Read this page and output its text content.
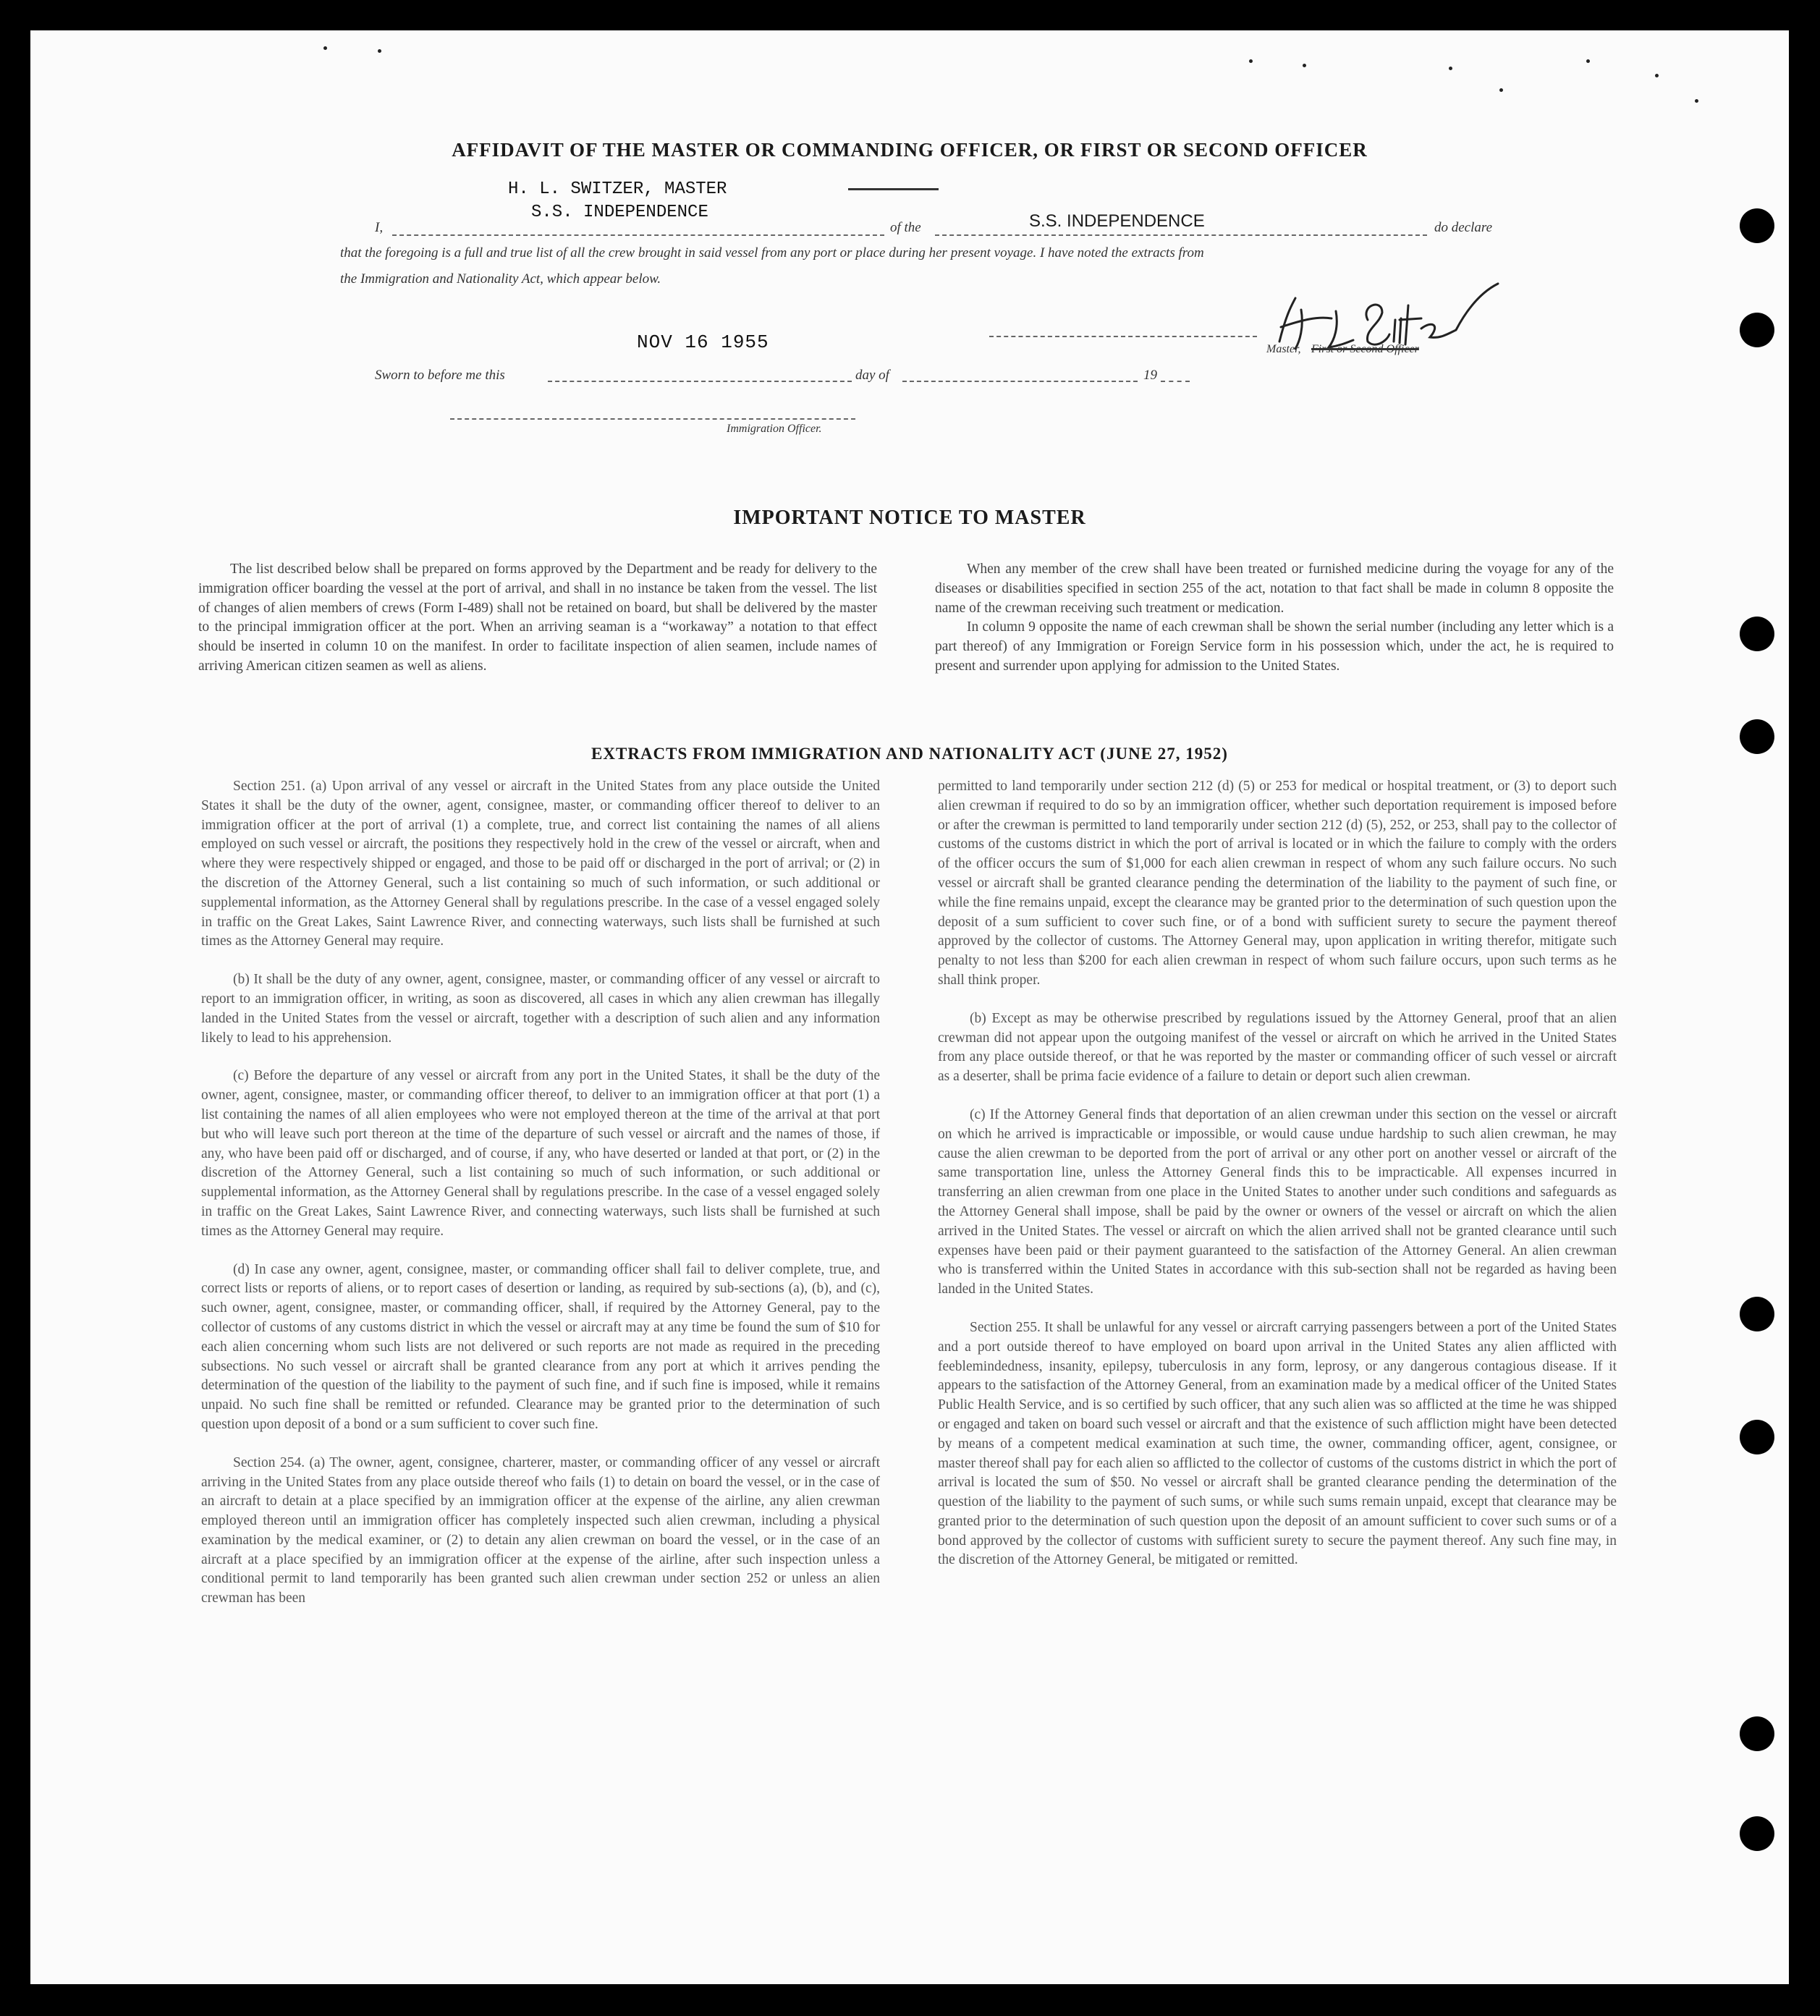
AFFIDAVIT OF THE MASTER OR COMMANDING OFFICER, OR FIRST OR SECOND OFFICER
H. L. SWITZER, MASTER
S.S. INDEPENDENCE
I,	of the	S.S. INDEPENDENCE	do declare
that the foregoing is a full and true list of all the crew brought in said vessel from any port or place during her present voyage. I have noted the extracts from
the Immigration and Nationality Act, which appear below.
NOV 16 1955	Master, First or Second Officer
Sworn to before me this	day of	19
Immigration Officer.
IMPORTANT NOTICE TO MASTER

The list described below shall be prepared on forms approved by the Department and be ready for delivery to the immigration officer boarding the vessel at the port of arrival, and shall in no instance be taken from the vessel. The list of changes of alien members of crews (Form I-489) shall not be retained on board, but shall be delivered by the master to the principal immigration officer at the port. When an arriving seaman is a “workaway” a notation to that effect should be inserted in column 10 on the manifest. In order to facilitate inspection of alien seamen, include names of arriving American citizen seamen as well as aliens.

When any member of the crew shall have been treated or furnished medicine during the voyage for any of the diseases or disabilities specified in section 255 of the act, notation to that fact shall be made in column 8 opposite the name of the crewman receiving such treatment or medication.

In column 9 opposite the name of each crewman shall be shown the serial number (including any letter which is a part thereof) of any Immigration or Foreign Service form in his possession which, under the act, he is required to present and surrender upon applying for admission to the United States.

EXTRACTS FROM IMMIGRATION AND NATIONALITY ACT (JUNE 27, 1952)

Section 251. (a) Upon arrival of any vessel or aircraft in the United States from any place outside the United States it shall be the duty of the owner, agent, consignee, master, or commanding officer thereof to deliver to an immigration officer at the port of arrival (1) a complete, true, and correct list containing the names of all aliens employed on such vessel or aircraft, the positions they respectively hold in the crew of the vessel or aircraft, when and where they were respectively shipped or engaged, and those to be paid off or discharged in the port of arrival; or (2) in the discretion of the Attorney General, such a list containing so much of such information, or such additional or supplemental information, as the Attorney General shall by regulations prescribe. In the case of a vessel engaged solely in traffic on the Great Lakes, Saint Lawrence River, and connecting waterways, such lists shall be furnished at such times as the Attorney General may require.

(b) It shall be the duty of any owner, agent, consignee, master, or commanding officer of any vessel or aircraft to report to an immigration officer, in writing, as soon as discovered, all cases in which any alien crewman has illegally landed in the United States from the vessel or aircraft, together with a description of such alien and any information likely to lead to his apprehension.

(c) Before the departure of any vessel or aircraft from any port in the United States, it shall be the duty of the owner, agent, consignee, master, or commanding officer thereof, to deliver to an immigration officer at that port (1) a list containing the names of all alien employees who were not employed thereon at the time of the arrival at that port but who will leave such port thereon at the time of the departure of such vessel or aircraft and the names of those, if any, who have been paid off or discharged, and of course, if any, who have deserted or landed at that port, or (2) in the discretion of the Attorney General, such a list containing so much of such information, or such additional or supplemental information, as the Attorney General shall by regulations prescribe. In the case of a vessel engaged solely in traffic on the Great Lakes, Saint Lawrence River, and connecting waterways, such lists shall be furnished at such times as the Attorney General may require.

(d) In case any owner, agent, consignee, master, or commanding officer shall fail to deliver complete, true, and correct lists or reports of aliens, or to report cases of desertion or landing, as required by sub-sections (a), (b), and (c), such owner, agent, consignee, master, or commanding officer, shall, if required by the Attorney General, pay to the collector of customs of any customs district in which the vessel or aircraft may at any time be found the sum of $10 for each alien concerning whom such lists are not delivered or such reports are not made as required in the preceding subsections. No such vessel or aircraft shall be granted clearance from any port at which it arrives pending the determination of the question of the liability to the payment of such fine, and if such fine is imposed, while it remains unpaid. No such fine shall be remitted or refunded. Clearance may be granted prior to the determination of such question upon deposit of a bond or a sum sufficient to cover such fine.

Section 254. (a) The owner, agent, consignee, charterer, master, or commanding officer of any vessel or aircraft arriving in the United States from any place outside thereof who fails (1) to detain on board the vessel, or in the case of an aircraft to detain at a place specified by an immigration officer at the expense of the airline, any alien crewman employed thereon until an immigration officer has completely inspected such alien crewman, including a physical examination by the medical examiner, or (2) to detain any alien crewman on board the vessel, or in the case of an aircraft at a place specified by an immigration officer at the expense of the airline, after such inspection unless a conditional permit to land temporarily has been granted such alien crewman under section 252 or unless an alien crewman has been

permitted to land temporarily under section 212 (d) (5) or 253 for medical or hospital treatment, or (3) to deport such alien crewman if required to do so by an immigration officer, whether such deportation requirement is imposed before or after the crewman is permitted to land temporarily under section 212 (d) (5), 252, or 253, shall pay to the collector of customs of the customs district in which the port of arrival is located or in which the failure to comply with the orders of the officer occurs the sum of $1,000 for each alien crewman in respect of whom any such failure occurs. No such vessel or aircraft shall be granted clearance pending the determination of the liability to the payment of such fine, or while the fine remains unpaid, except the clearance may be granted prior to the determination of such question upon the deposit of a sum sufficient to cover such fine, or of a bond with sufficient surety to secure the payment thereof approved by the collector of customs. The Attorney General may, upon application in writing therefor, mitigate such penalty to not less than $200 for each alien crewman in respect of whom such failure occurs, upon such terms as he shall think proper.

(b) Except as may be otherwise prescribed by regulations issued by the Attorney General, proof that an alien crewman did not appear upon the outgoing manifest of the vessel or aircraft on which he arrived in the United States from any place outside thereof, or that he was reported by the master or commanding officer of such vessel or aircraft as a deserter, shall be prima facie evidence of a failure to detain or deport such alien crewman.

(c) If the Attorney General finds that deportation of an alien crewman under this section on the vessel or aircraft on which he arrived is impracticable or impossible, or would cause undue hardship to such alien crewman, he may cause the alien crewman to be deported from the port of arrival or any other port on another vessel or aircraft of the same transportation line, unless the Attorney General finds this to be impracticable. All expenses incurred in transferring an alien crewman from one place in the United States to another under such conditions and safeguards as the Attorney General shall impose, shall be paid by the owner or owners of the vessel or aircraft on which the alien arrived in the United States. The vessel or aircraft on which the alien arrived shall not be granted clearance until such expenses have been paid or their payment guaranteed to the satisfaction of the Attorney General. An alien crewman who is transferred within the United States in accordance with this sub-section shall not be regarded as having been landed in the United States.

Section 255. It shall be unlawful for any vessel or aircraft carrying passengers between a port of the United States and a port outside thereof to have employed on board upon arrival in the United States any alien afflicted with feeblemindedness, insanity, epilepsy, tuberculosis in any form, leprosy, or any dangerous contagious disease. If it appears to the satisfaction of the Attorney General, from an examination made by a medical officer of the United States Public Health Service, and is so certified by such officer, that any such alien was so afflicted at the time he was shipped or engaged and taken on board such vessel or aircraft and that the existence of such affliction might have been detected by means of a competent medical examination at such time, the owner, commanding officer, agent, consignee, or master thereof shall pay for each alien so afflicted to the collector of customs of the customs district in which the port of arrival is located the sum of $50. No vessel or aircraft shall be granted clearance pending the determination of the question of the liability to the payment of such sums, or while such sums remain unpaid, except that clearance may be granted prior to the determination of such question upon the deposit of an amount sufficient to cover such sums or of a bond approved by the collector of customs with sufficient surety to secure the payment thereof. Any such fine may, in the discretion of the Attorney General, be mitigated or remitted.
